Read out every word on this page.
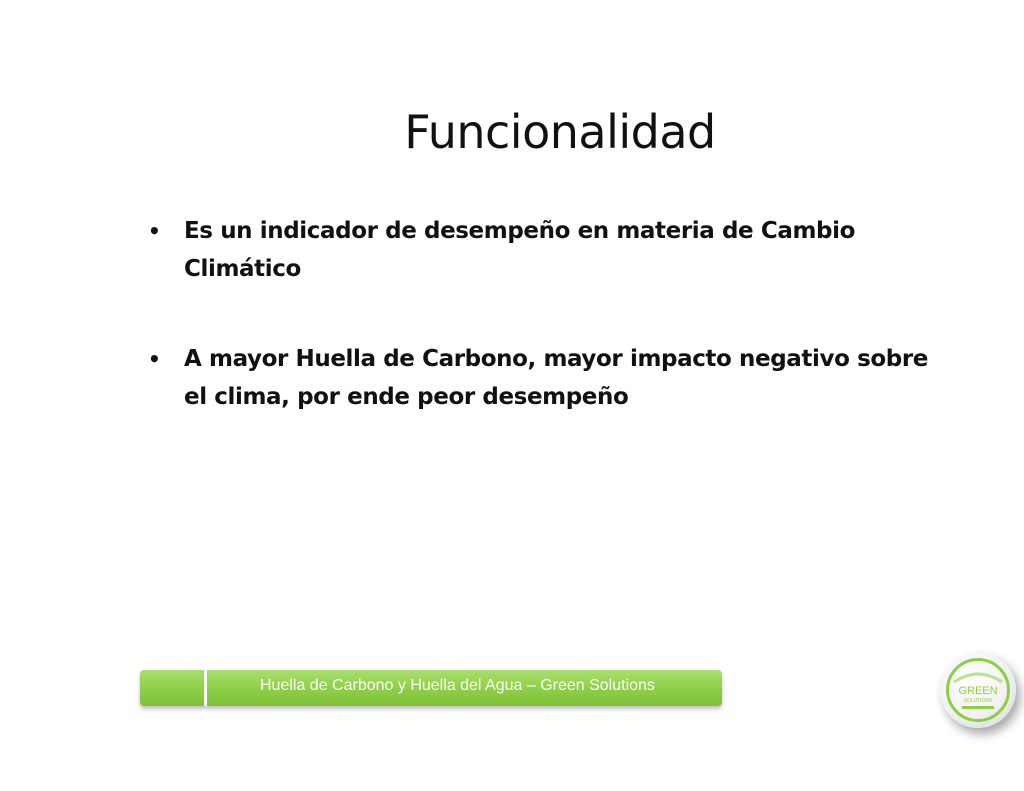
Funcionalidad
• Es un indicador de desempeño en materia de Cambio Climático
• A mayor Huella de Carbono, mayor impacto negativo sobre el clima, por ende peor desempeño
Huella de Carbono y Huella del Agua – Green Solutions	GREEN
SOLUTIONS
